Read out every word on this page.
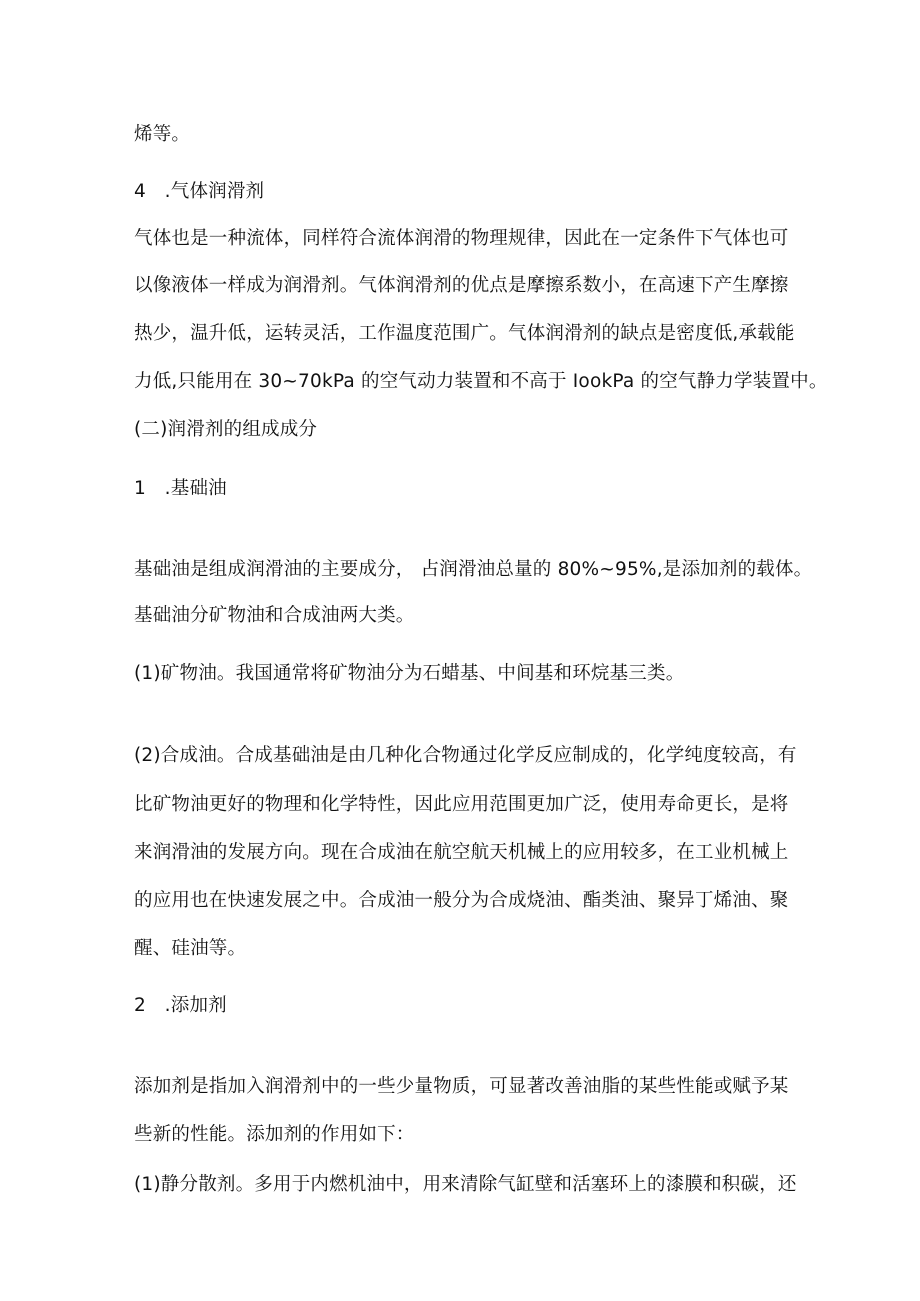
烯等。
4　.气体润滑剂
气体也是一种流体，同样符合流体润滑的物理规律，因此在一定条件下气体也可
以像液体一样成为润滑剂。气体润滑剂的优点是摩擦系数小，在高速下产生摩擦
热少，温升低，运转灵活，工作温度范围广。气体润滑剂的缺点是密度低,承载能
力低,只能用在 30~70kPa 的空气动力装置和不高于 IookPa 的空气静力学装置中。
(二)润滑剂的组成成分
1　.基础油
基础油是组成润滑油的主要成分， 占润滑油总量的 80%~95%,是添加剂的载体。
基础油分矿物油和合成油两大类。
(1)矿物油。我国通常将矿物油分为石蜡基、中间基和环烷基三类。
(2)合成油。合成基础油是由几种化合物通过化学反应制成的，化学纯度较高，有
比矿物油更好的物理和化学特性，因此应用范围更加广泛，使用寿命更长，是将
来润滑油的发展方向。现在合成油在航空航天机械上的应用较多，在工业机械上
的应用也在快速发展之中。合成油一般分为合成烧油、酯类油、聚异丁烯油、聚
醒、硅油等。
2　.添加剂
添加剂是指加入润滑剂中的一些少量物质，可显著改善油脂的某些性能或赋予某
些新的性能。添加剂的作用如下：
(1)静分散剂。多用于内燃机油中，用来清除气缸壁和活塞环上的漆膜和积碳，还
